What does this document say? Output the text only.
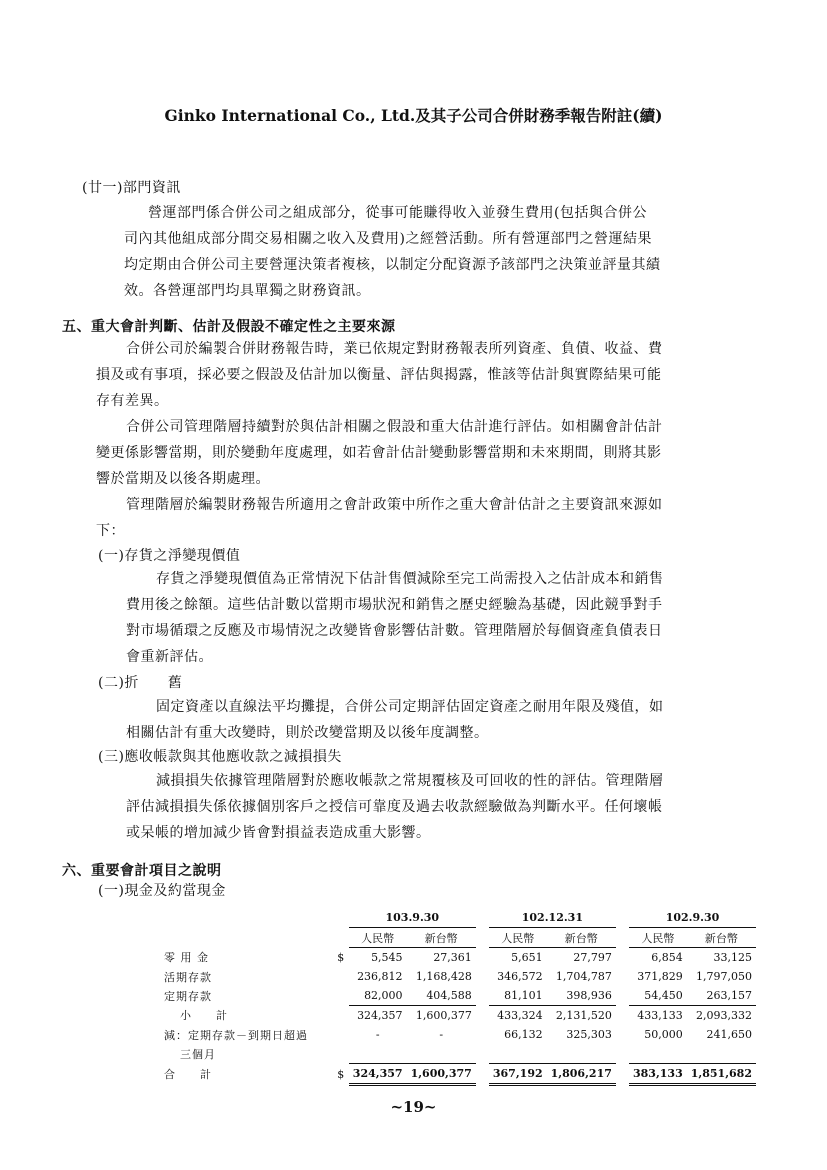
Ginko International Co., Ltd.及其子公司合併財務季報告附註(續)
(廿一)部門資訊
營運部門係合併公司之組成部分，從事可能賺得收入並發生費用(包括與合併公
司內其他組成部分間交易相關之收入及費用)之經營活動。所有營運部門之營運結果
均定期由合併公司主要營運決策者複核，以制定分配資源予該部門之決策並評量其績
效。各營運部門均具單獨之財務資訊。
五、重大會計判斷、估計及假設不確定性之主要來源
合併公司於編製合併財務報告時，業已依規定對財務報表所列資產、負債、收益、費
損及或有事項，採必要之假設及估計加以衡量、評估與揭露，惟該等估計與實際結果可能
存有差異。
合併公司管理階層持續對於與估計相關之假設和重大估計進行評估。如相關會計估計
變更係影響當期，則於變動年度處理，如若會計估計變動影響當期和未來期間，則將其影
響於當期及以後各期處理。
管理階層於編製財務報告所適用之會計政策中所作之重大會計估計之主要資訊來源如
下：
(一)存貨之淨變現價值
存貨之淨變現價值為正常情況下估計售價減除至完工尚需投入之估計成本和銷售
費用後之餘額。這些估計數以當期市場狀況和銷售之歷史經驗為基礎，因此競爭對手
對市場循環之反應及市場情況之改變皆會影響估計數。管理階層於每個資產負債表日
會重新評估。
(二)折　　舊
固定資產以直線法平均攤提，合併公司定期評估固定資產之耐用年限及殘值，如
相關估計有重大改變時，則於改變當期及以後年度調整。
(三)應收帳款與其他應收款之減損損失
減損損失依據管理階層對於應收帳款之常規覆核及可回收的性的評估。管理階層
評估減損損失係依據個別客戶之授信可靠度及過去收款經驗做為判斷水平。任何壞帳
或呆帳的增加減少皆會對損益表造成重大影響。
六、重要會計項目之說明
(一)現金及約當現金
		103.9.30			102.12.31			102.9.30	
		人民幣	新台幣		人民幣	新台幣		人民幣	新台幣
零 用 金	$	5,545	27,361		5,651	27,797		6,854	33,125
活期存款		236,812	1,168,428		346,572	1,704,787		371,829	1,797,050
定期存款		82,000	404,588		81,101	398,936		54,450	263,157
小　　計		324,357	1,600,377		433,324	2,131,520		433,133	2,093,332
減：定期存款－到期日超過		-	-		66,132	325,303		50,000	241,650
三個月									
合　　計	$	324,357	1,600,377		367,192	1,806,217		383,133	1,851,682
~19~
